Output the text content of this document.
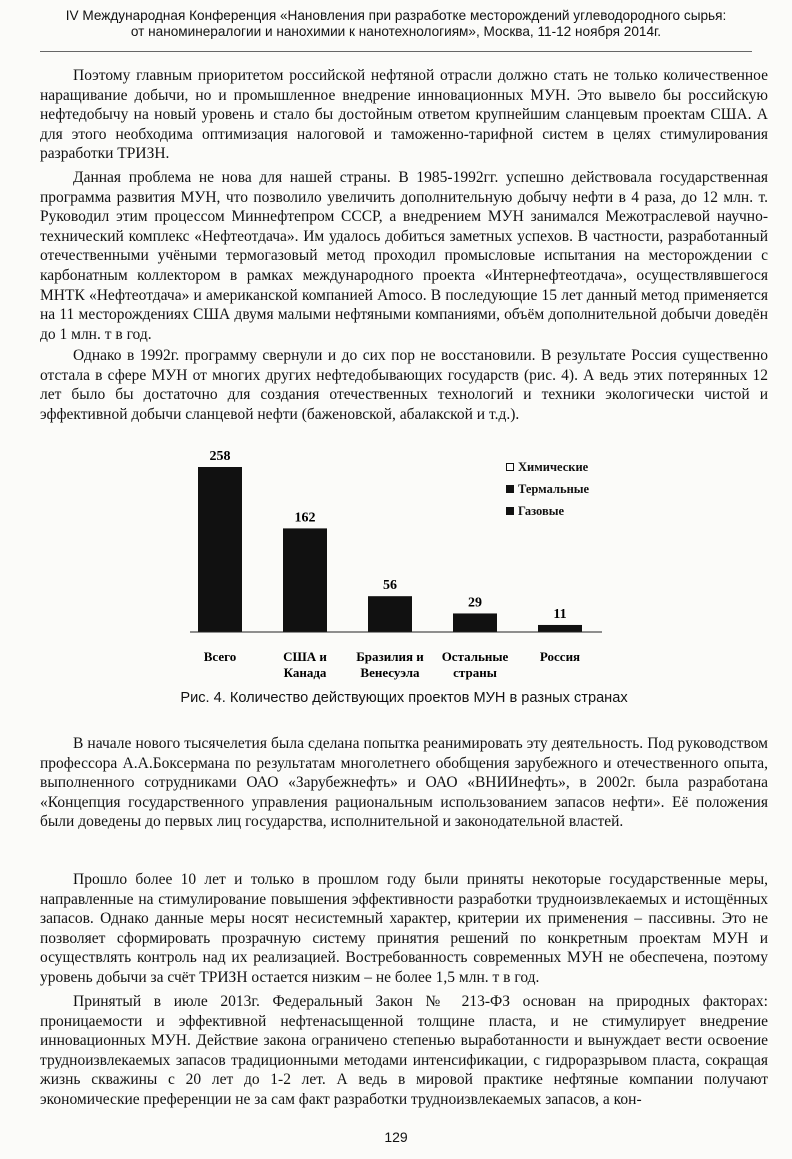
IV Международная Конференция «Нановления при разработке месторождений углеводородного сырья:
от наноминералогии и нанохимии к нанотехнологиям», Москва, 11-12 ноября 2014г.

Поэтому главным приоритетом российской нефтяной отрасли должно стать не только количественное наращивание добычи, но и промышленное внедрение инновационных МУН. Это вывело бы российскую нефтедобычу на новый уровень и стало бы достойным ответом крупнейшим сланцевым проектам США. А для этого необходима оптимизация налоговой и таможенно-тарифной систем в целях стимулирования разработки ТРИЗН.

Данная проблема не нова для нашей страны. В 1985-1992гг. успешно действовала государственная программа развития МУН, что позволило увеличить дополнительную добычу нефти в 4 раза, до 12 млн. т. Руководил этим процессом Миннефтепром СССР, а внедрением МУН занимался Межотраслевой научно-технический комплекс «Нефтеотдача». Им удалось добиться заметных успехов. В частности, разработанный отечественными учёными термогазовый метод проходил промысловые испытания на месторождении с карбонатным коллектором в рамках международного проекта «Интернефтеотдача», осуществлявшегося МНТК «Нефтеотдача» и американской компанией Amoco. В последующие 15 лет данный метод применяется на 11 месторождениях США двумя малыми нефтяными компаниями, объём дополнительной добычи доведён до 1 млн. т в год.

Однако в 1992г. программу свернули и до сих пор не восстановили. В результате Россия существенно отстала в сфере МУН от многих других нефтедобывающих государств (рис. 4). А ведь этих потерянных 12 лет было бы достаточно для создания отечественных технологий и техники экологически чистой и эффективной добычи сланцевой нефти (баженовской, абалакской и т.д.).

258
Всего
162
США и
Канада
56
Бразилия и
Венесуэла
29
Остальные
страны
11
Россия
Химические
Термальные
Газовые
Рис. 4. Количество действующих проектов МУН в разных странах

В начале нового тысячелетия была сделана попытка реанимировать эту деятельность. Под руководством профессора А.А.Боксермана по результатам многолетнего обобщения зарубежного и отечественного опыта, выполненного сотрудниками ОАО «Зарубежнефть» и ОАО «ВНИИнефть», в 2002г. была разработана «Концепция государственного управления рациональным использованием запасов нефти». Её положения были доведены до первых лиц государства, исполнительной и законодательной властей.

Прошло более 10 лет и только в прошлом году были приняты некоторые государственные меры, направленные на стимулирование повышения эффективности разработки трудноизвлекаемых и истощённых запасов. Однако данные меры носят несистемный характер, критерии их применения – пассивны. Это не позволяет сформировать прозрачную систему принятия решений по конкретным проектам МУН и осуществлять контроль над их реализацией. Востребованность современных МУН не обеспечена, поэтому уровень добычи за счёт ТРИЗН остается низким – не более 1,5 млн. т в год.

Принятый в июле 2013г. Федеральный Закон № 213-ФЗ основан на природных факторах: проницаемости и эффективной нефтенасыщенной толщине пласта, и не стимулирует внедрение инновационных МУН. Действие закона ограничено степенью выработанности и вынуждает вести освоение трудноизвлекаемых запасов традиционными методами интенсификации, с гидроразрывом пласта, сокращая жизнь скважины с 20 лет до 1-2 лет. А ведь в мировой практике нефтяные компании получают экономические преференции не за сам факт разработки трудноизвлекаемых запасов, а кон-

129
